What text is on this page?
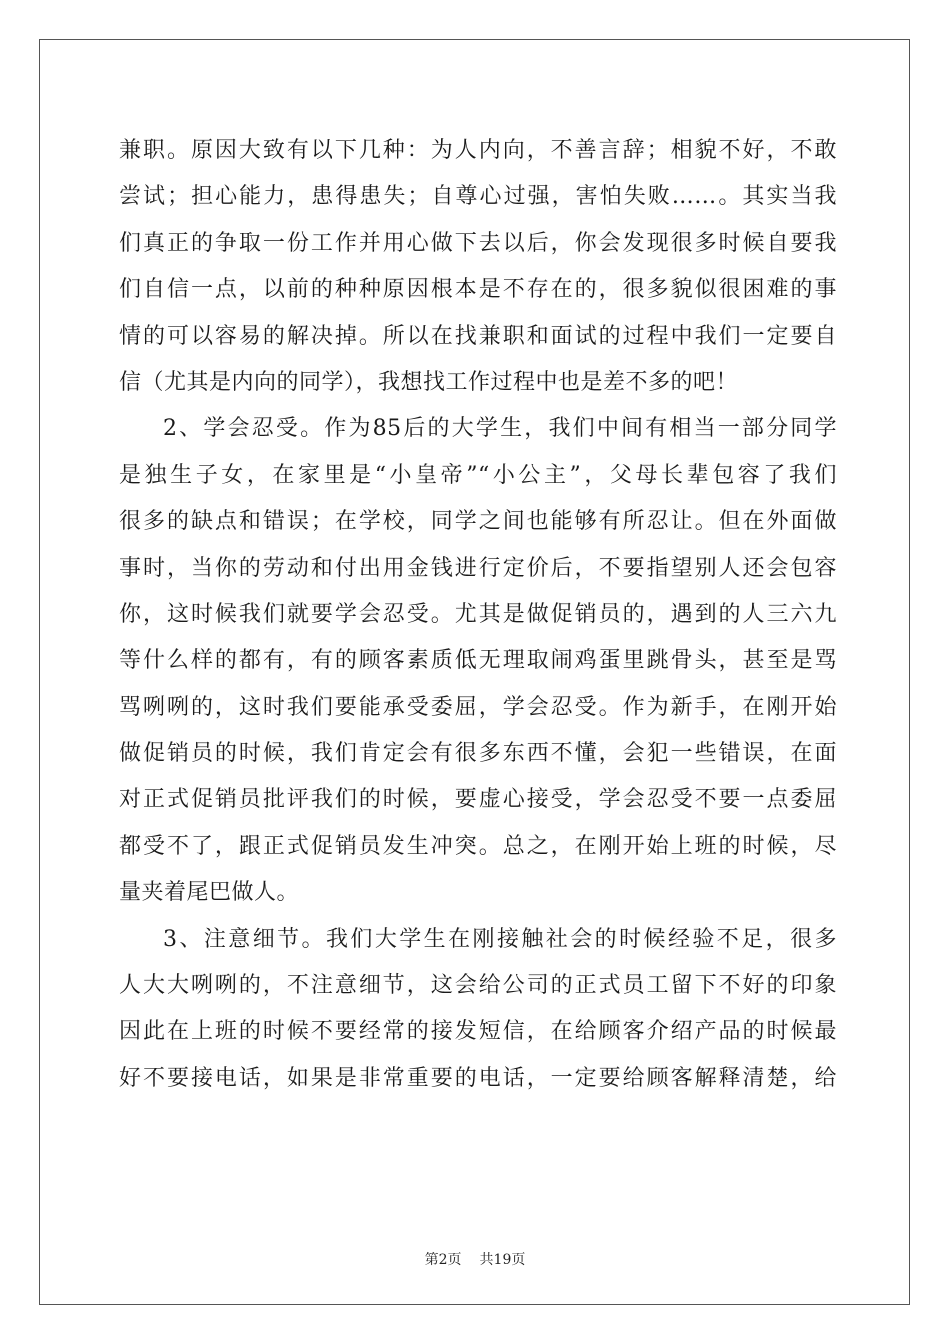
兼职。原因大致有以下几种：为人内向，不善言辞；相貌不好，不敢
尝试；担心能力，患得患失；自尊心过强，害怕失败……。其实当我
们真正的争取一份工作并用心做下去以后，你会发现很多时候自要我
们自信一点，以前的种种原因根本是不存在的，很多貌似很困难的事
情的可以容易的解决掉。所以在找兼职和面试的过程中我们一定要自
信（尤其是内向的同学），我想找工作过程中也是差不多的吧！
2、学会忍受。作为85后的大学生，我们中间有相当一部分同学
是独生子女，在家里是“小皇帝”“小公主”，父母长辈包容了我们
很多的缺点和错误；在学校，同学之间也能够有所忍让。但在外面做
事时，当你的劳动和付出用金钱进行定价后，不要指望别人还会包容
你，这时候我们就要学会忍受。尤其是做促销员的，遇到的人三六九
等什么样的都有，有的顾客素质低无理取闹鸡蛋里跳骨头，甚至是骂
骂咧咧的，这时我们要能承受委屈，学会忍受。作为新手，在刚开始
做促销员的时候，我们肯定会有很多东西不懂，会犯一些错误，在面
对正式促销员批评我们的时候，要虚心接受，学会忍受不要一点委屈
都受不了，跟正式促销员发生冲突。总之，在刚开始上班的时候，尽
量夹着尾巴做人。
3、注意细节。我们大学生在刚接触社会的时候经验不足，很多
人大大咧咧的，不注意细节，这会给公司的正式员工留下不好的印象
因此在上班的时候不要经常的接发短信，在给顾客介绍产品的时候最
好不要接电话，如果是非常重要的电话，一定要给顾客解释清楚，给
第2页 共19页
